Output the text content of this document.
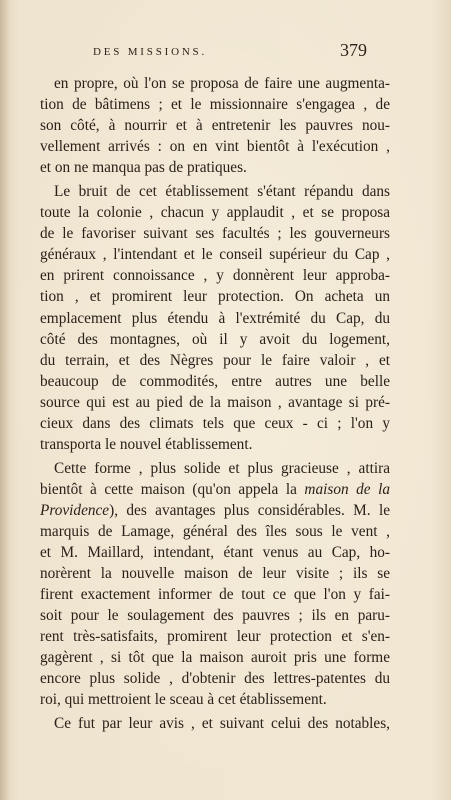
DES MISSIONS.	379
en propre, où l'on se proposa de faire une augmenta-
tion de bâtimens ; et le missionnaire s'engagea , de
son côté, à nourrir et à entretenir les pauvres nou-
vellement arrivés : on en vint bientôt à l'exécution ,
et on ne manqua pas de pratiques.
Le bruit de cet établissement s'étant répandu dans
toute la colonie , chacun y applaudit , et se proposa
de le favoriser suivant ses facultés ; les gouverneurs
généraux , l'intendant et le conseil supérieur du Cap ,
en prirent connoissance , y donnèrent leur approba-
tion , et promirent leur protection. On acheta un
emplacement plus étendu à l'extrémité du Cap, du
côté des montagnes, où il y avoit du logement,
du terrain, et des Nègres pour le faire valoir , et
beaucoup de commodités, entre autres une belle
source qui est au pied de la maison , avantage si pré-
cieux dans des climats tels que ceux - ci ; l'on y
transporta le nouvel établissement.
Cette forme , plus solide et plus gracieuse , attira
bientôt à cette maison (qu'on appela la maison de la
Providence), des avantages plus considérables. M. le
marquis de Lamage, général des îles sous le vent ,
et M. Maillard, intendant, étant venus au Cap, ho-
norèrent la nouvelle maison de leur visite ; ils se
firent exactement informer de tout ce que l'on y fai-
soit pour le soulagement des pauvres ; ils en paru-
rent très-satisfaits, promirent leur protection et s'en-
gagèrent , si tôt que la maison auroit pris une forme
encore plus solide , d'obtenir des lettres-patentes du
roi, qui mettroient le sceau à cet établissement.
Ce fut par leur avis , et suivant celui des notables,
